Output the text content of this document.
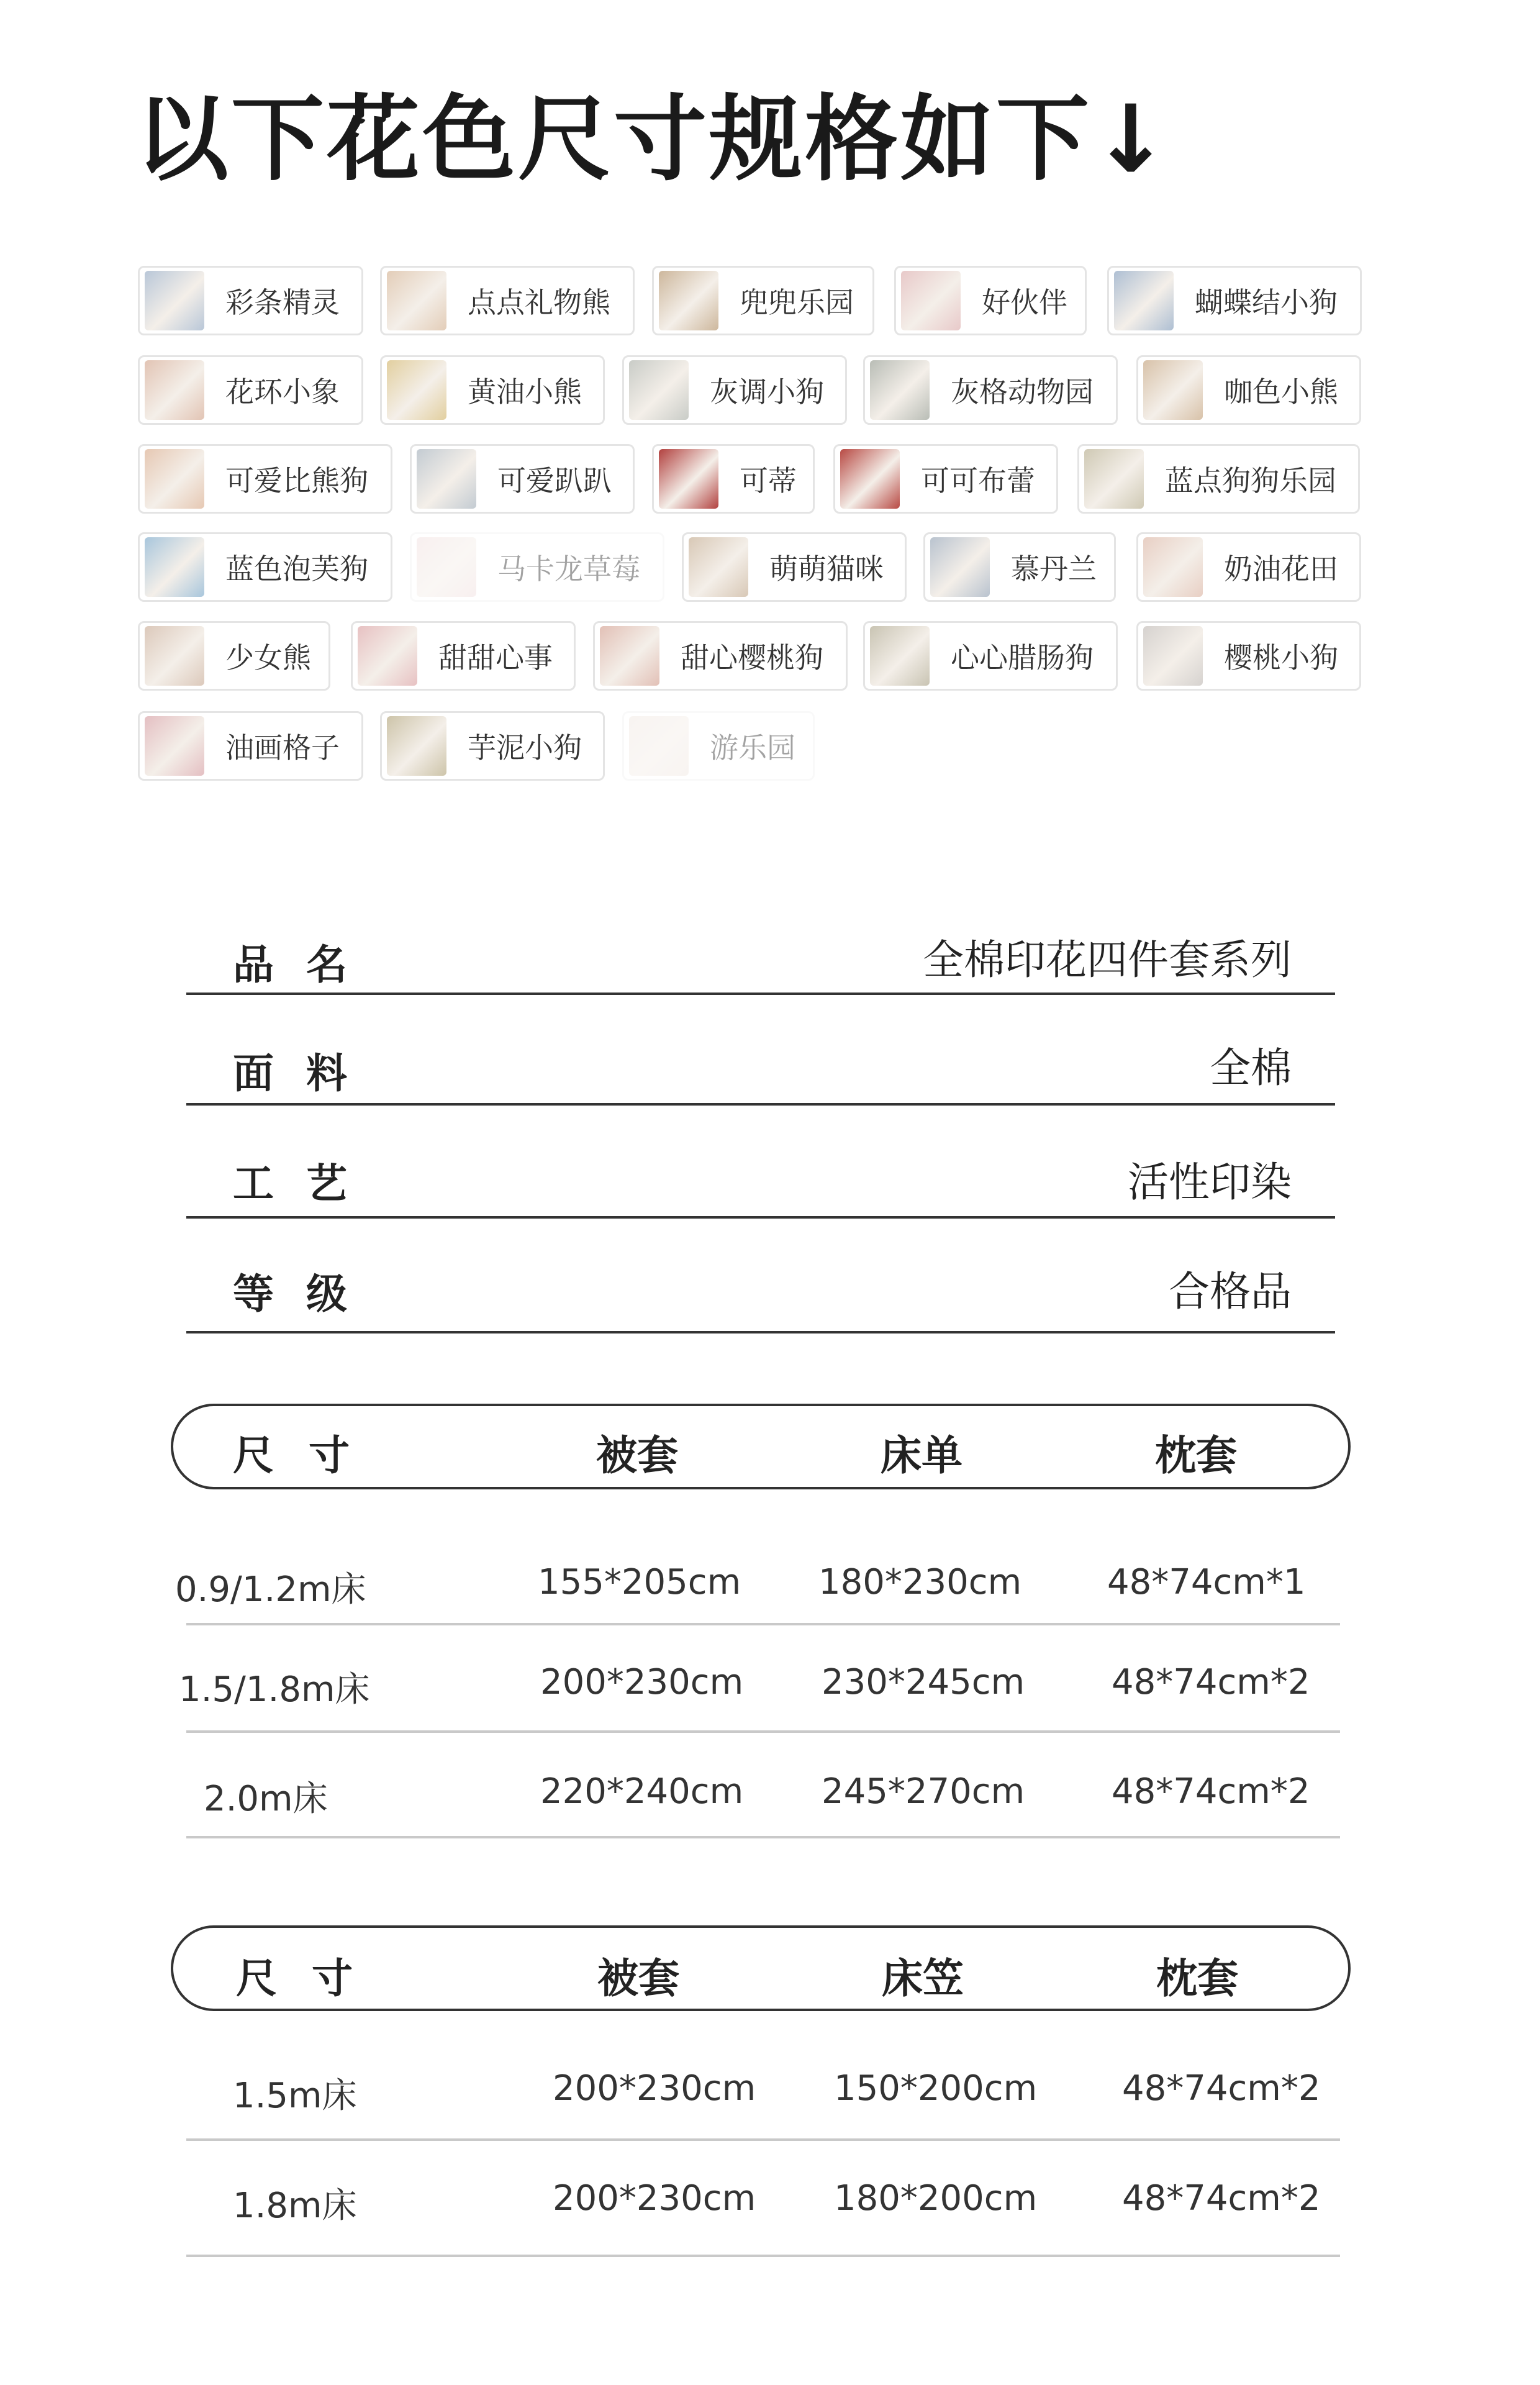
以下花色尺寸规格如下↓
彩条精灵	点点礼物熊	兜兜乐园	好伙伴	蝴蝶结小狗
花环小象	黄油小熊	灰调小狗	灰格动物园	咖色小熊
可爱比熊狗	可爱趴趴	可蒂	可可布蕾	蓝点狗狗乐园
蓝色泡芙狗	马卡龙草莓	萌萌猫咪	慕丹兰	奶油花田
少女熊	甜甜心事	甜心樱桃狗	心心腊肠狗	樱桃小狗
油画格子	芋泥小狗	游乐园
品名	全棉印花四件套系列
面料	全棉
工艺	活性印染
等级	合格品
尺寸	被套	床单	枕套
0.9/1.2m床	155*205cm 180*230cm 48*74cm*1
1.5/1.8m床	200*230cm 230*245cm 48*74cm*2
2.0m床	220*240cm 245*270cm 48*74cm*2
尺寸	被套	床笠	枕套
1.5m床	200*230cm 150*200cm 48*74cm*2
1.8m床	200*230cm 180*200cm 48*74cm*2
